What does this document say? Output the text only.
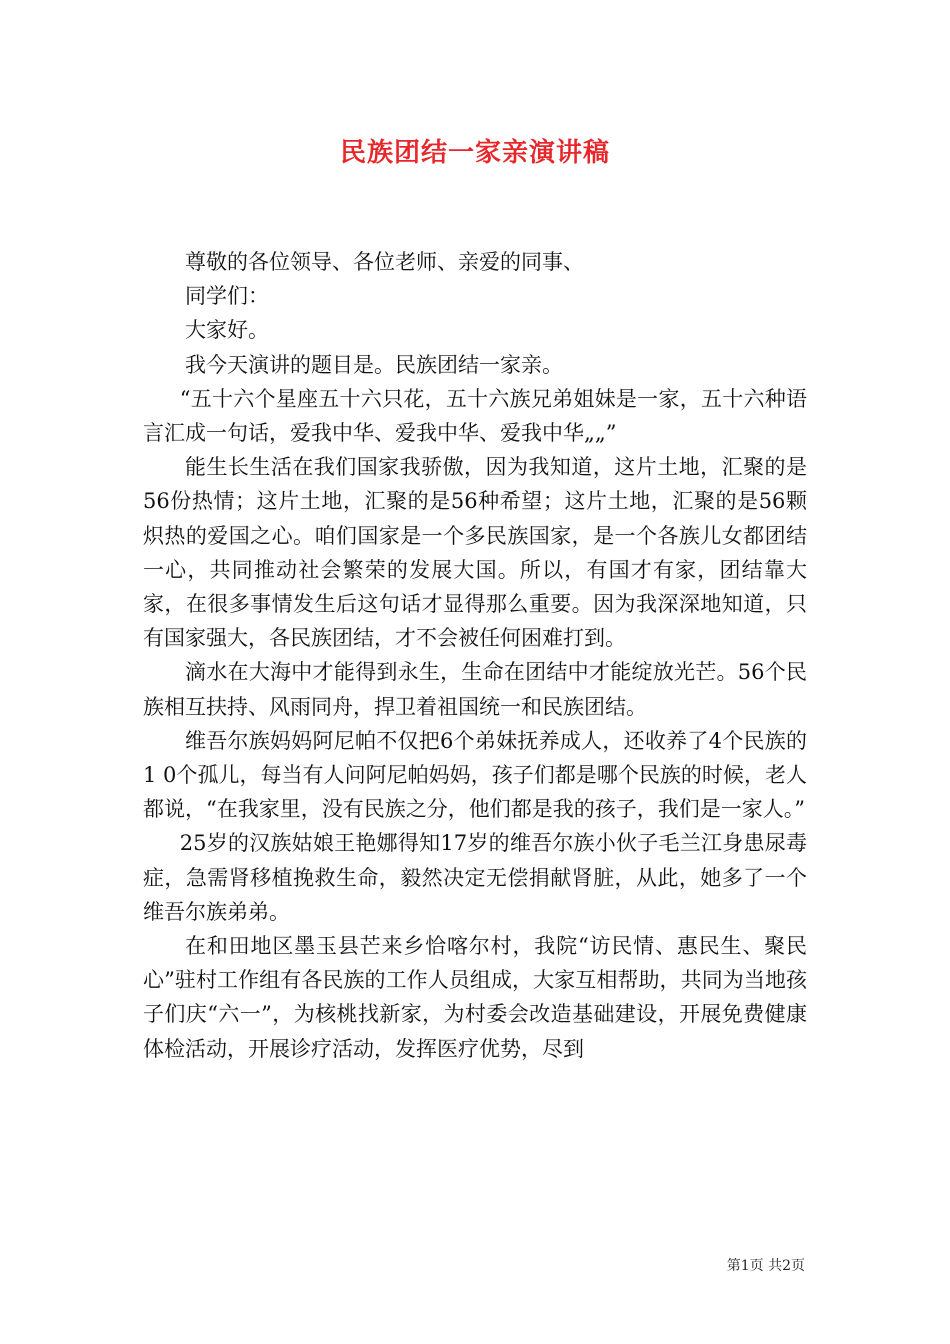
民族团结一家亲演讲稿

尊敬的各位领导、各位老师、亲爱的同事、

同学们：

大家好。

我今天演讲的题目是。民族团结一家亲。

“五十六个星座五十六只花，五十六族兄弟姐妹是一家，五十六种语言汇成一句话，爱我中华、爱我中华、爱我中华„„”

能生长生活在我们国家我骄傲，因为我知道，这片土地，汇聚的是56份热情；这片土地，汇聚的是56种希望；这片土地，汇聚的是56颗炽热的爱国之心。咱们国家是一个多民族国家，是一个各族儿女都团结一心，共同推动社会繁荣的发展大国。所以，有国才有家，团结靠大家，在很多事情发生后这句话才显得那么重要。因为我深深地知道，只有国家强大，各民族团结，才不会被任何困难打到。

滴水在大海中才能得到永生，生命在团结中才能绽放光芒。56个民族相互扶持、风雨同舟，捍卫着祖国统一和民族团结。

维吾尔族妈妈阿尼帕不仅把6个弟妹抚养成人，还收养了4个民族的1 0个孤儿，每当有人问阿尼帕妈妈，孩子们都是哪个民族的时候，老人都说，“在我家里，没有民族之分，他们都是我的孩子，我们是一家人。”

25岁的汉族姑娘王艳娜得知17岁的维吾尔族小伙子毛兰江身患尿毒症，急需肾移植挽救生命，毅然决定无偿捐献肾脏，从此，她多了一个维吾尔族弟弟。

在和田地区墨玉县芒来乡恰喀尔村，我院“访民情、惠民生、聚民心”驻村工作组有各民族的工作人员组成，大家互相帮助，共同为当地孩子们庆“六一”，为核桃找新家，为村委会改造基础建设，开展免费健康体检活动，开展诊疗活动，发挥医疗优势，尽到

第1页 共2页
